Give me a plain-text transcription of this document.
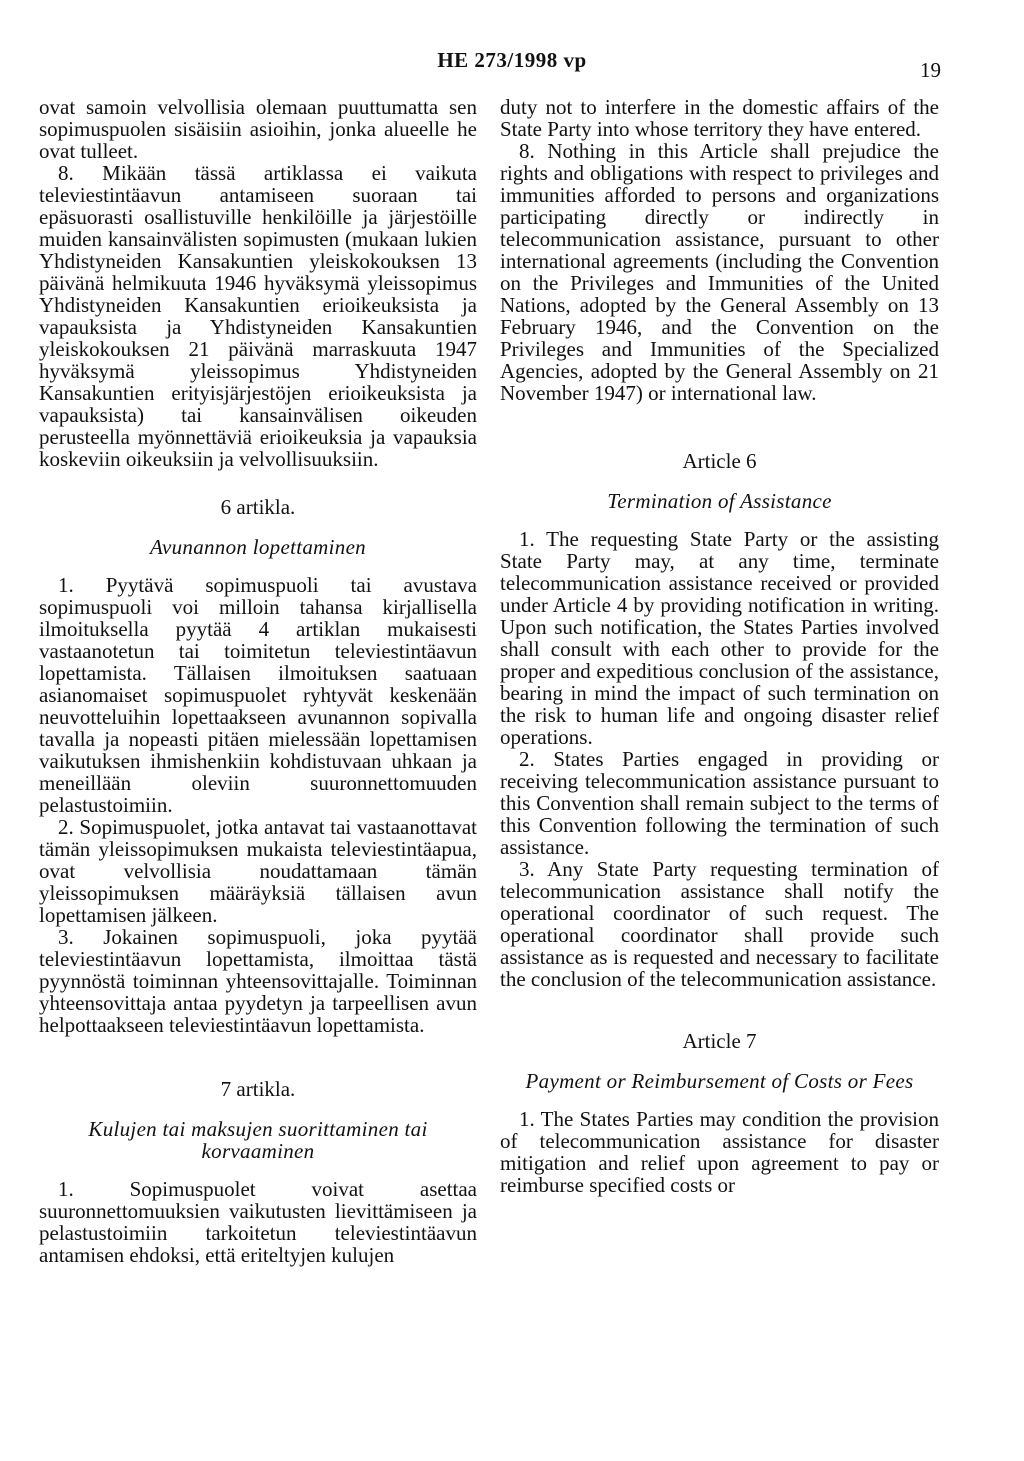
HE 273/1998 vp	19

ovat samoin velvollisia olemaan puuttumatta sen sopimuspuolen sisäisiin asioihin, jonka alueelle he ovat tulleet.

8. Mikään tässä artiklassa ei vaikuta televiestintäavun antamiseen suoraan tai epäsuorasti osallistuville henkilöille ja järjestöille muiden kansainvälisten sopimusten (mukaan lukien Yhdistyneiden Kansakuntien yleiskokouksen 13 päivänä helmikuuta 1946 hyväksymä yleissopimus Yhdistyneiden Kansakuntien erioikeuksista ja vapauksista ja Yhdistyneiden Kansakuntien yleiskokouksen 21 päivänä marraskuuta 1947 hyväksymä yleissopimus Yhdistyneiden Kansakuntien erityisjärjestöjen erioikeuksista ja vapauksista) tai kansainvälisen oikeuden perusteella myönnettäviä erioikeuksia ja vapauksia koskeviin oikeuksiin ja velvollisuuksiin.

6 artikla.

Avunannon lopettaminen

1. Pyytävä sopimuspuoli tai avustava sopimuspuoli voi milloin tahansa kirjallisella ilmoituksella pyytää 4 artiklan mukaisesti vastaanotetun tai toimitetun televiestintäavun lopettamista. Tällaisen ilmoituksen saatuaan asianomaiset sopimuspuolet ryhtyvät keskenään neuvotteluihin lopettaakseen avunannon sopivalla tavalla ja nopeasti pitäen mielessään lopettamisen vaikutuksen ihmishenkiin kohdistuvaan uhkaan ja meneillään oleviin suuronnettomuuden pelastustoimiin.

2. Sopimuspuolet, jotka antavat tai vastaanottavat tämän yleissopimuksen mukaista televiestintäapua, ovat velvollisia noudattamaan tämän yleissopimuksen määräyksiä tällaisen avun lopettamisen jälkeen.

3. Jokainen sopimuspuoli, joka pyytää televiestintäavun lopettamista, ilmoittaa tästä pyynnöstä toiminnan yhteensovittajalle. Toiminnan yhteensovittaja antaa pyydetyn ja tarpeellisen avun helpottaakseen televiestintäavun lopettamista.

7 artikla.

Kulujen tai maksujen suorittaminen tai korvaaminen

1. Sopimuspuolet voivat asettaa suuronnettomuuksien vaikutusten lievittämiseen ja pelastustoimiin tarkoitetun televiestintäavun antamisen ehdoksi, että eriteltyjen kulujen

duty not to interfere in the domestic affairs of the State Party into whose territory they have entered.

8. Nothing in this Article shall prejudice the rights and obligations with respect to privileges and immunities afforded to persons and organizations participating directly or indirectly in telecommunication assistance, pursuant to other international agreements (including the Convention on the Privileges and Immunities of the United Nations, adopted by the General Assembly on 13 February 1946, and the Convention on the Privileges and Immunities of the Specialized Agencies, adopted by the General Assembly on 21 November 1947) or international law.

Article 6

Termination of Assistance

1. The requesting State Party or the assisting State Party may, at any time, terminate telecommunication assistance received or provided under Article 4 by providing notification in writing. Upon such notification, the States Parties involved shall consult with each other to provide for the proper and expeditious conclusion of the assistance, bearing in mind the impact of such termination on the risk to human life and ongoing disaster relief operations.

2. States Parties engaged in providing or receiving telecommunication assistance pursuant to this Convention shall remain subject to the terms of this Convention following the termination of such assistance.

3. Any State Party requesting termination of telecommunication assistance shall notify the operational coordinator of such request. The operational coordinator shall provide such assistance as is requested and necessary to facilitate the conclusion of the telecommunication assistance.

Article 7

Payment or Reimbursement of Costs or Fees

1. The States Parties may condition the provision of telecommunication assistance for disaster mitigation and relief upon agreement to pay or reimburse specified costs or
